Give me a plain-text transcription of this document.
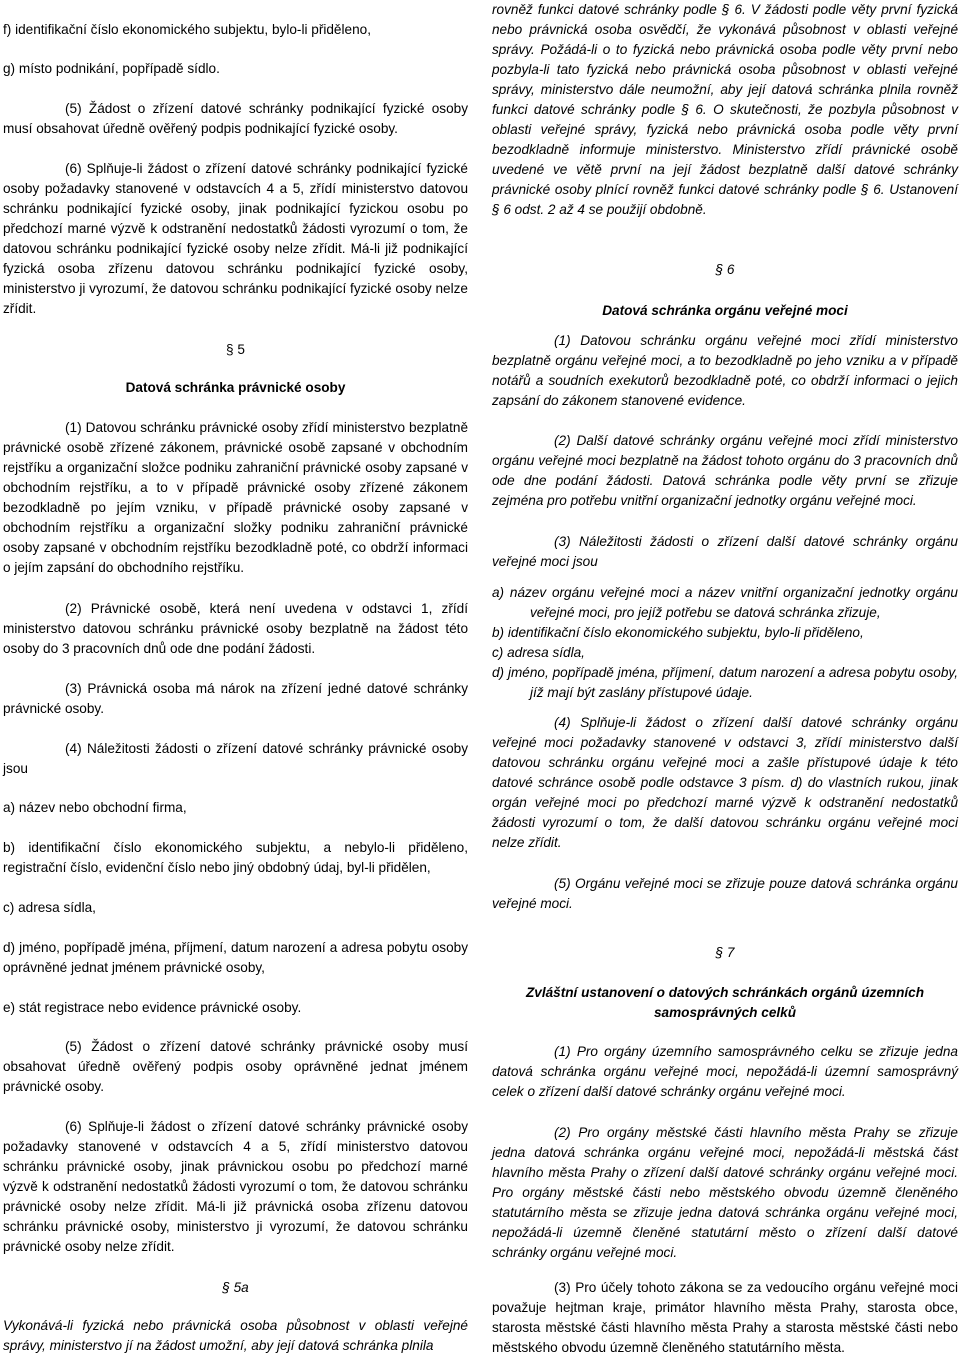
f) identifikační číslo ekonomického subjektu, bylo-li přiděleno,

g) místo podnikání, popřípadě sídlo.

(5) Žádost o zřízení datové schránky podnikající fyzické osoby musí obsahovat úředně ověřený podpis podnikající fyzické osoby.

(6) Splňuje-li žádost o zřízení datové schránky podnikající fyzické osoby požadavky stanovené v odstavcích 4 a 5, zřídí ministerstvo datovou schránku podnikající fyzické osoby, jinak podnikající fyzickou osobu po předchozí marné výzvě k odstranění nedostatků žádosti vyrozumí o tom, že datovou schránku podnikající fyzické osoby nelze zřídit. Má-li již podnikající fyzická osoba zřízenu datovou schránku podnikající fyzické osoby, ministerstvo ji vyrozumí, že datovou schránku podnikající fyzické osoby nelze zřídit.

§ 5

Datová schránka právnické osoby

(1) Datovou schránku právnické osoby zřídí ministerstvo bezplatně právnické osobě zřízené zákonem, právnické osobě zapsané v obchodním rejstříku a organizační složce podniku zahraniční právnické osoby zapsané v obchodním rejstříku, a to v případě právnické osoby zřízené zákonem bezodkladně po jejím vzniku, v případě právnické osoby zapsané v obchodním rejstříku a organizační složky podniku zahraniční právnické osoby zapsané v obchodním rejstříku bezodkladně poté, co obdrží informaci o jejím zapsání do obchodního rejstříku.

(2) Právnické osobě, která není uvedena v odstavci 1, zřídí ministerstvo datovou schránku právnické osoby bezplatně na žádost této osoby do 3 pracovních dnů ode dne podání žádosti.

(3) Právnická osoba má nárok na zřízení jedné datové schránky právnické osoby.

(4) Náležitosti žádosti o zřízení datové schránky právnické osoby jsou

a) název nebo obchodní firma,

b) identifikační číslo ekonomického subjektu, a nebylo-li přiděleno, registrační číslo, evidenční číslo nebo jiný obdobný údaj, byl-li přidělen,

c) adresa sídla,

d) jméno, popřípadě jména, příjmení, datum narození a adresa pobytu osoby oprávněné jednat jménem právnické osoby,

e) stát registrace nebo evidence právnické osoby.

(5) Žádost o zřízení datové schránky právnické osoby musí obsahovat úředně ověřený podpis osoby oprávněné jednat jménem právnické osoby.

(6) Splňuje-li žádost o zřízení datové schránky právnické osoby požadavky stanovené v odstavcích 4 a 5, zřídí ministerstvo datovou schránku právnické osoby, jinak právnickou osobu po předchozí marné výzvě k odstranění nedostatků žádosti vyrozumí o tom, že datovou schránku právnické osoby nelze zřídit. Má-li již právnická osoba zřízenu datovou schránku právnické osoby, ministerstvo ji vyrozumí, že datovou schránku právnické osoby nelze zřídit.

§ 5a

Vykonává-li fyzická nebo právnická osoba působnost v oblasti veřejné správy, ministerstvo jí na žádost umožní, aby její datová schránka plnila

rovněž funkci datové schránky podle § 6. V žádosti podle věty první fyzická nebo právnická osoba osvědčí, že vykonává působnost v oblasti veřejné správy. Požádá-li o to fyzická nebo právnická osoba podle věty první nebo pozbyla-li tato fyzická nebo právnická osoba působnost v oblasti veřejné správy, ministerstvo dále neumožní, aby její datová schránka plnila rovněž funkci datové schránky podle § 6. O skutečnosti, že pozbyla působnost v oblasti veřejné správy, fyzická nebo právnická osoba podle věty první bezodkladně informuje ministerstvo. Ministerstvo zřídí právnické osobě uvedené ve větě první na její žádost bezplatně další datové schránky právnické osoby plnící rovněž funkci datové schránky podle § 6. Ustanovení § 6 odst. 2 až 4 se použijí obdobně.

§ 6

Datová schránka orgánu veřejné moci

(1) Datovou schránku orgánu veřejné moci zřídí ministerstvo bezplatně orgánu veřejné moci, a to bezodkladně po jeho vzniku a v případě notářů a soudních exekutorů bezodkladně poté, co obdrží informaci o jejich zapsání do zákonem stanovené evidence.

(2) Další datové schránky orgánu veřejné moci zřídí ministerstvo orgánu veřejné moci bezplatně na žádost tohoto orgánu do 3 pracovních dnů ode dne podání žádosti. Datová schránka podle věty první se zřizuje zejména pro potřebu vnitřní organizační jednotky orgánu veřejné moci.

(3) Náležitosti žádosti o zřízení další datové schránky orgánu veřejné moci jsou

a) název orgánu veřejné moci a název vnitřní organizační jednotky orgánu veřejné moci, pro jejíž potřebu se datová schránka zřizuje,

b) identifikační číslo ekonomického subjektu, bylo-li přiděleno,

c) adresa sídla,

d) jméno, popřípadě jména, příjmení, datum narození a adresa pobytu osoby, jíž mají být zaslány přístupové údaje.

(4) Splňuje-li žádost o zřízení další datové schránky orgánu veřejné moci požadavky stanovené v odstavci 3, zřídí ministerstvo další datovou schránku orgánu veřejné moci a zašle přístupové údaje k této datové schránce osobě podle odstavce 3 písm. d) do vlastních rukou, jinak orgán veřejné moci po předchozí marné výzvě k odstranění nedostatků žádosti vyrozumí o tom, že další datovou schránku orgánu veřejné moci nelze zřídit.

(5) Orgánu veřejné moci se zřizuje pouze datová schránka orgánu veřejné moci.

§ 7

Zvláštní ustanovení o datových schránkách orgánů územních samosprávných celků

(1) Pro orgány územního samosprávného celku se zřizuje jedna datová schránka orgánu veřejné moci, nepožádá-li územní samosprávný celek o zřízení další datové schránky orgánu veřejné moci.

(2) Pro orgány městské části hlavního města Prahy se zřizuje jedna datová schránka orgánu veřejné moci, nepožádá-li městská část hlavního města Prahy o zřízení další datové schránky orgánu veřejné moci. Pro orgány městské části nebo městského obvodu územně členěného statutárního města se zřizuje jedna datová schránka orgánu veřejné moci, nepožádá-li územně členěné statutární město o zřízení další datové schránky orgánu veřejné moci.

(3) Pro účely tohoto zákona se za vedoucího orgánu veřejné moci považuje hejtman kraje, primátor hlavního města Prahy, starosta obce, starosta městské části hlavního města Prahy a starosta městské části nebo městského obvodu územně členěného statutárního města.
